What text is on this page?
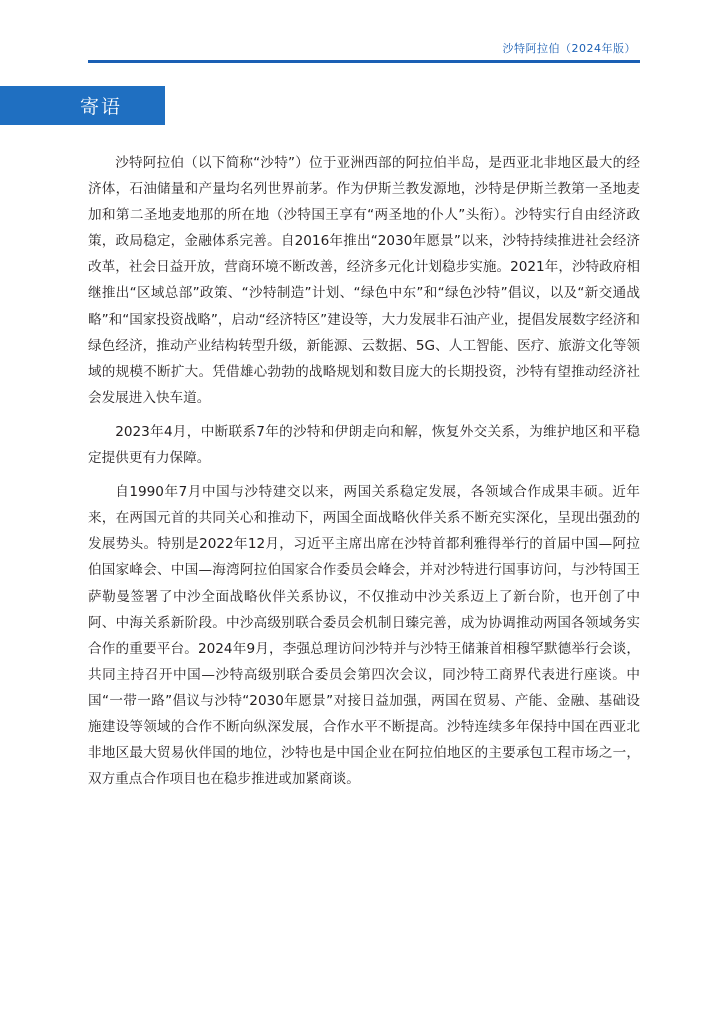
沙特阿拉伯（2024年版）
寄语

沙特阿拉伯（以下简称“沙特”）位于亚洲西部的阿拉伯半岛，是西亚北非地区最大的经济体，石油储量和产量均名列世界前茅。作为伊斯兰教发源地，沙特是伊斯兰教第一圣地麦加和第二圣地麦地那的所在地（沙特国王享有“两圣地的仆人”头衔）。沙特实行自由经济政策，政局稳定，金融体系完善。自2016年推出“2030年愿景”以来，沙特持续推进社会经济改革，社会日益开放，营商环境不断改善，经济多元化计划稳步实施。2021年，沙特政府相继推出“区域总部”政策、“沙特制造”计划、“绿色中东”和“绿色沙特”倡议，以及“新交通战略”和“国家投资战略”，启动“经济特区”建设等，大力发展非石油产业，提倡发展数字经济和绿色经济，推动产业结构转型升级，新能源、云数据、5G、人工智能、医疗、旅游文化等领域的规模不断扩大。凭借雄心勃勃的战略规划和数目庞大的长期投资，沙特有望推动经济社会发展进入快车道。

2023年4月，中断联系7年的沙特和伊朗走向和解，恢复外交关系，为维护地区和平稳定提供更有力保障。

自1990年7月中国与沙特建交以来，两国关系稳定发展，各领域合作成果丰硕。近年来，在两国元首的共同关心和推动下，两国全面战略伙伴关系不断充实深化，呈现出强劲的发展势头。特别是2022年12月，习近平主席出席在沙特首都利雅得举行的首届中国—阿拉伯国家峰会、中国—海湾阿拉伯国家合作委员会峰会，并对沙特进行国事访问，与沙特国王萨勒曼签署了中沙全面战略伙伴关系协议，不仅推动中沙关系迈上了新台阶，也开创了中阿、中海关系新阶段。中沙高级别联合委员会机制日臻完善，成为协调推动两国各领域务实合作的重要平台。2024年9月，李强总理访问沙特并与沙特王储兼首相穆罕默德举行会谈，共同主持召开中国—沙特高级别联合委员会第四次会议，同沙特工商界代表进行座谈。中国“一带一路”倡议与沙特“2030年愿景”对接日益加强，两国在贸易、产能、金融、基础设施建设等领域的合作不断向纵深发展，合作水平不断提高。沙特连续多年保持中国在西亚北非地区最大贸易伙伴国的地位，沙特也是中国企业在阿拉伯地区的主要承包工程市场之一，双方重点合作项目也在稳步推进或加紧商谈。
